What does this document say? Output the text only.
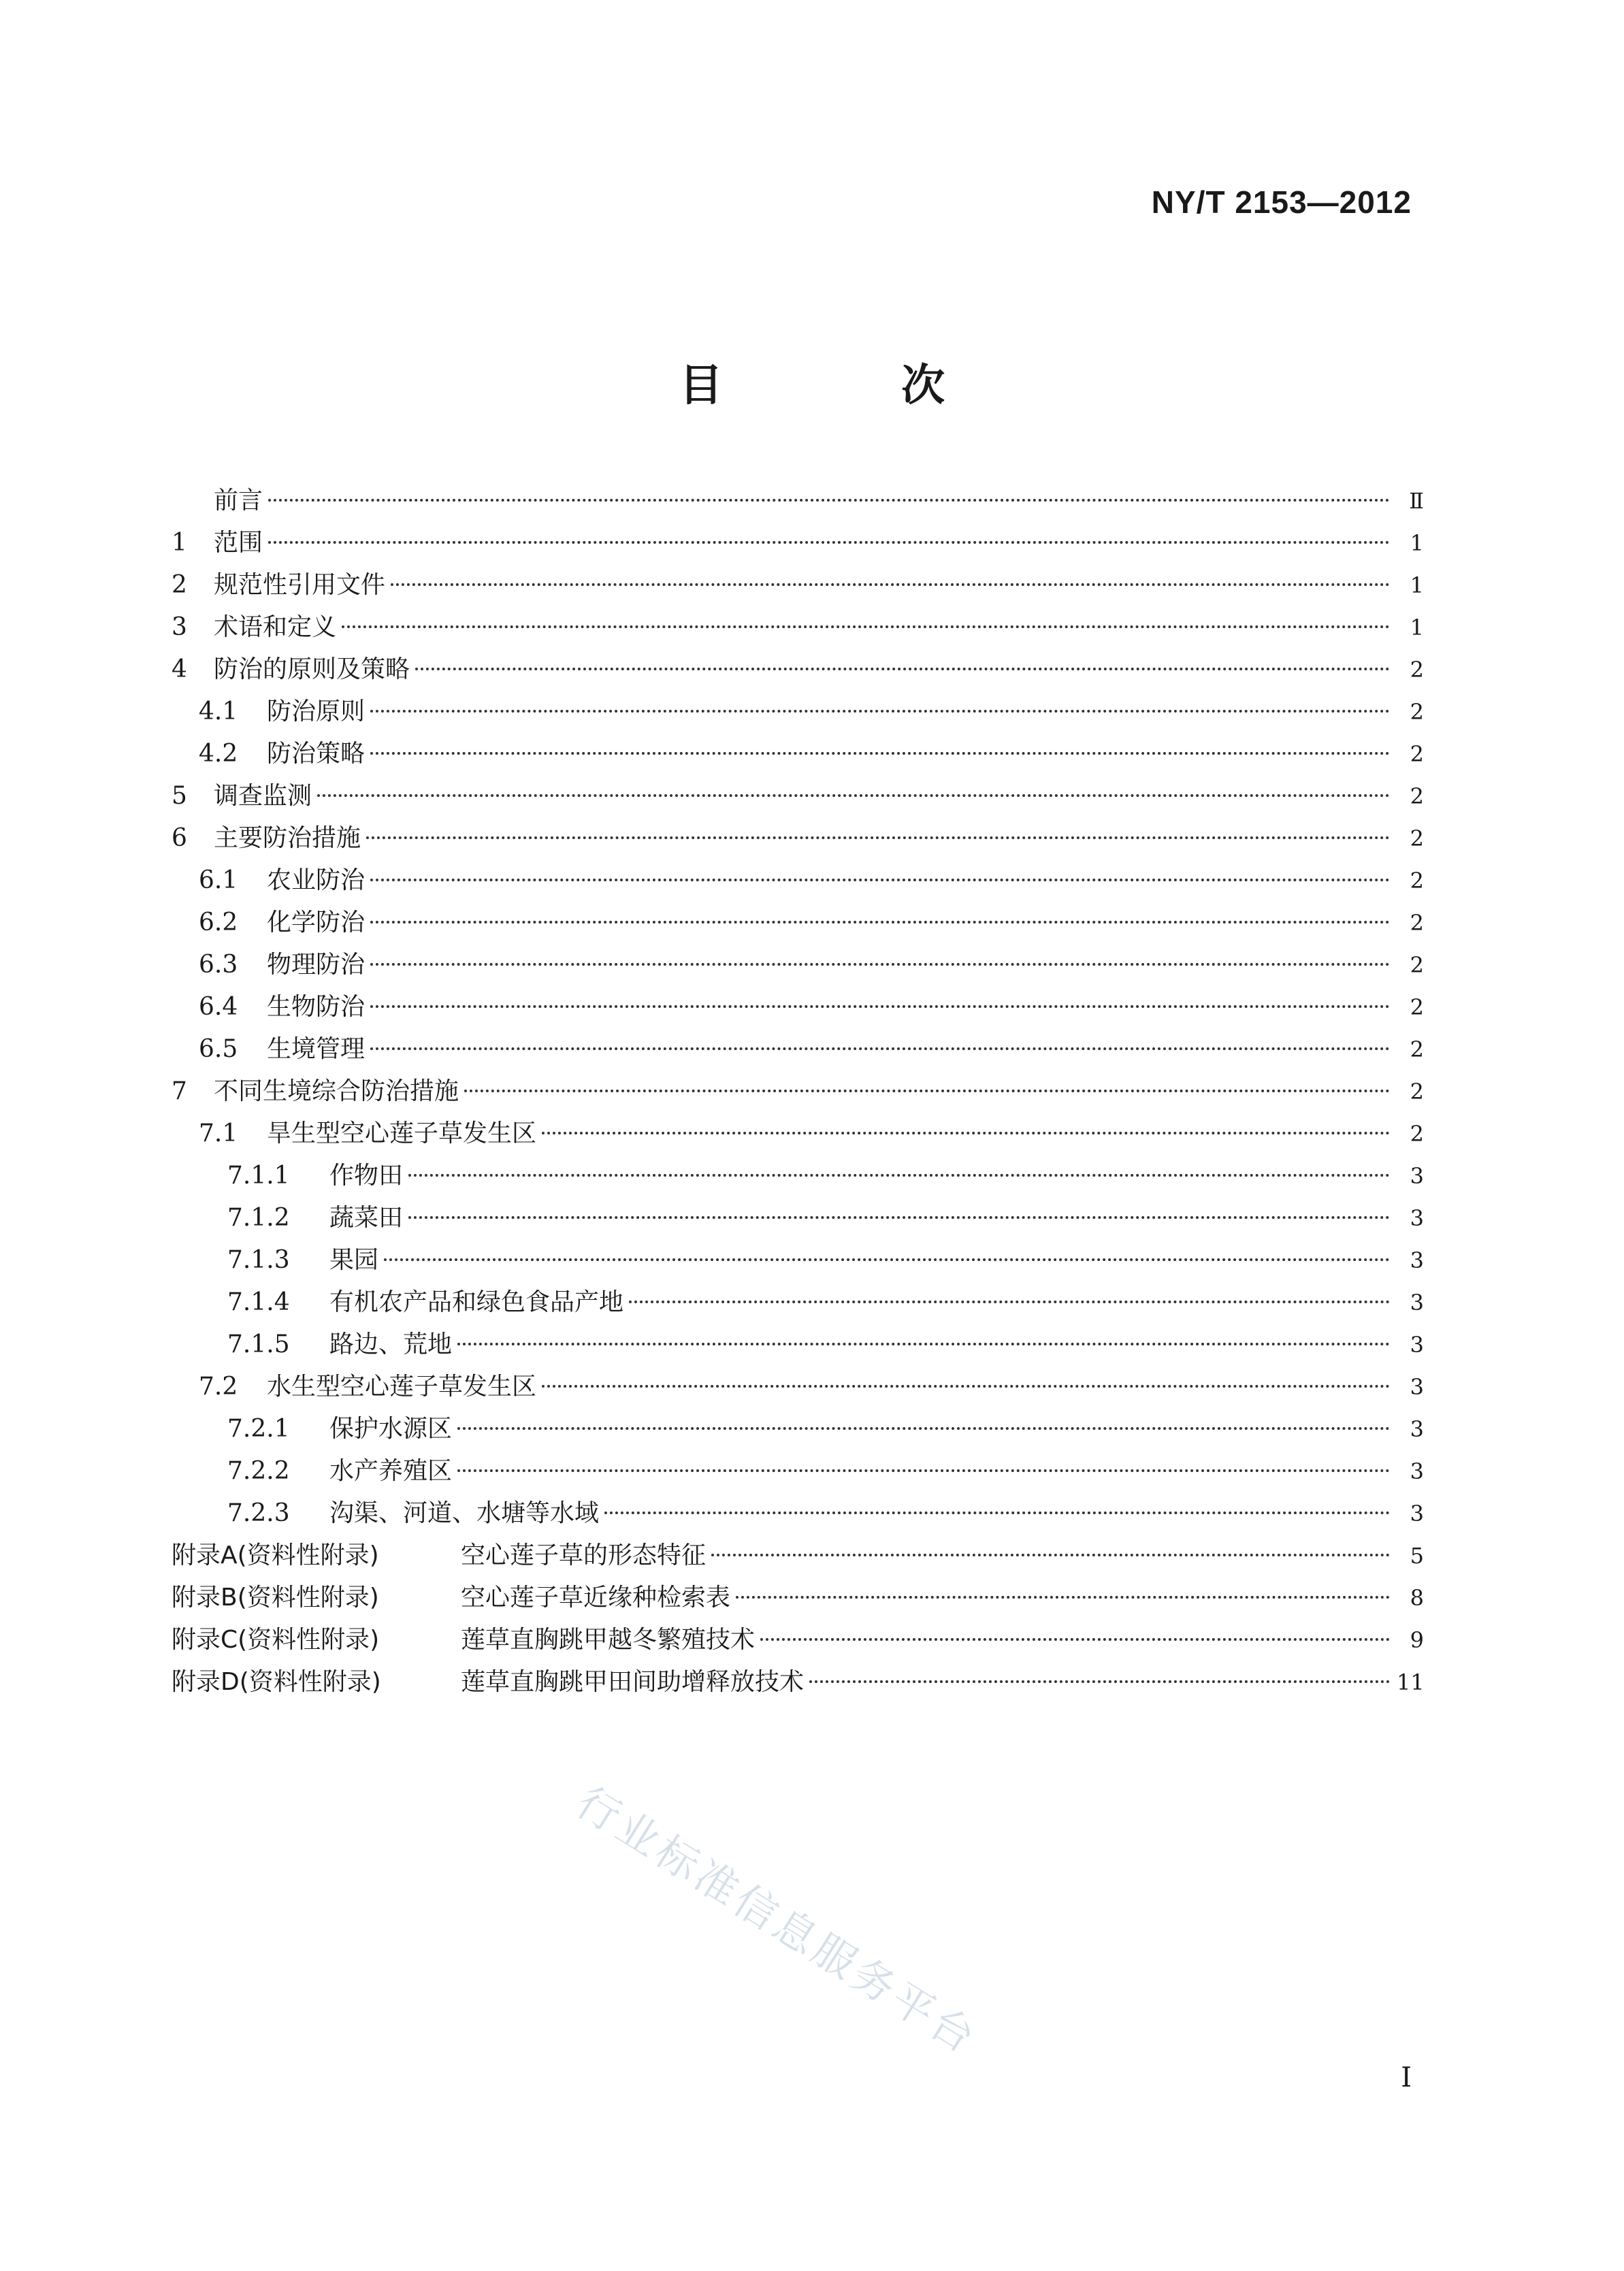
NY/T 2153—2012
目 次
前言	Ⅱ
1	范围	1
2	规范性引用文件	1
3	术语和定义	1
4	防治的原则及策略	2
4.1	防治原则	2
4.2	防治策略	2
5	调查监测	2
6	主要防治措施	2
6.1	农业防治	2
6.2	化学防治	2
6.3	物理防治	2
6.4	生物防治	2
6.5	生境管理	2
7	不同生境综合防治措施	2
7.1	旱生型空心莲子草发生区	2
7.1.1	作物田	3
7.1.2	蔬菜田	3
7.1.3	果园	3
7.1.4	有机农产品和绿色食品产地	3
7.1.5	路边、荒地	3
7.2	水生型空心莲子草发生区	3
7.2.1	保护水源区	3
7.2.2	水产养殖区	3
7.2.3	沟渠、河道、水塘等水域	3
附录A(资料性附录)	空心莲子草的形态特征	5
附录B(资料性附录)	空心莲子草近缘种检索表	8
附录C(资料性附录)	莲草直胸跳甲越冬繁殖技术	9
附录D(资料性附录)	莲草直胸跳甲田间助增释放技术	11
行业标准信息服务平台
I
